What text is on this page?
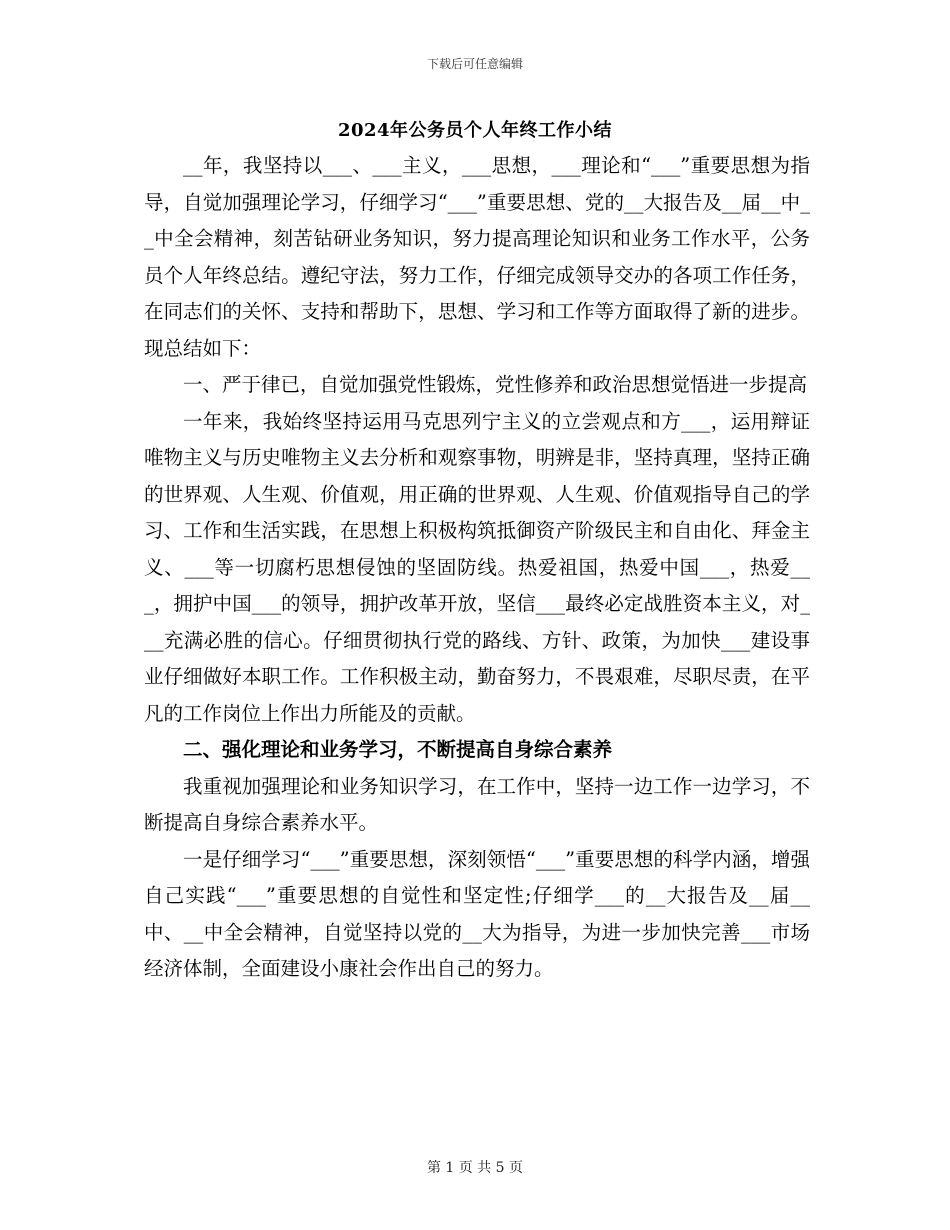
下载后可任意编辑
2024年公务员个人年终工作小结

__年，我坚持以___、___主义，___思想，___理论和“___”重要思想为指导，自觉加强理论学习，仔细学习“___”重要思想、党的__大报告及__届__中__中全会精神，刻苦钻研业务知识，努力提高理论知识和业务工作水平，公务员个人年终总结。遵纪守法，努力工作，仔细完成领导交办的各项工作任务，在同志们的关怀、支持和帮助下，思想、学习和工作等方面取得了新的进步。现总结如下：

一、严于律已，自觉加强党性锻炼，党性修养和政治思想觉悟进一步提高

一年来，我始终坚持运用马克思列宁主义的立尝观点和方___，运用辩证唯物主义与历史唯物主义去分析和观察事物，明辨是非，坚持真理，坚持正确的世界观、人生观、价值观，用正确的世界观、人生观、价值观指导自己的学习、工作和生活实践，在思想上积极构筑抵御资产阶级民主和自由化、拜金主义、___等一切腐朽思想侵蚀的坚固防线。热爱祖国，热爱中国___，热爱___，拥护中国___的领导，拥护改革开放，坚信___最终必定战胜资本主义，对___充满必胜的信心。仔细贯彻执行党的路线、方针、政策，为加快___建设事业仔细做好本职工作。工作积极主动，勤奋努力，不畏艰难，尽职尽责，在平凡的工作岗位上作出力所能及的贡献。

二、强化理论和业务学习，不断提高自身综合素养

我重视加强理论和业务知识学习，在工作中，坚持一边工作一边学习，不断提高自身综合素养水平。

一是仔细学习“___”重要思想，深刻领悟“___”重要思想的科学内涵，增强自己实践“___”重要思想的自觉性和坚定性;仔细学___的__大报告及__届__中、__中全会精神，自觉坚持以党的__大为指导，为进一步加快完善___市场经济体制，全面建设小康社会作出自己的努力。

第 1 页 共 5 页
